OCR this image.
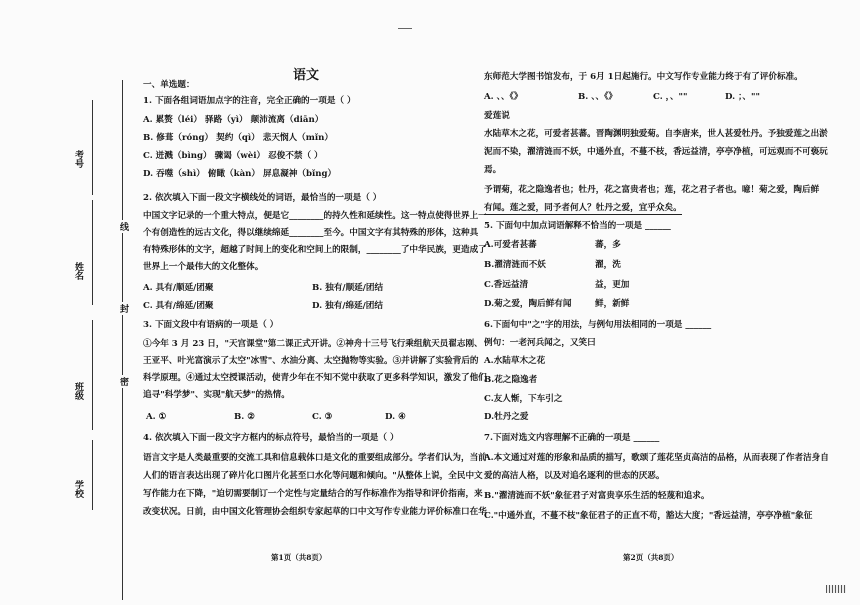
考号
姓名
班级
学校
线
封
密
语文
一、单选题：
1. 下面各组词语加点字的注音，完全正确的一项是（ ）
A. 累赘（léi） 驿路（yì） 颠沛流离（diān）
B. 修葺（róng） 契约（qì） 悲天悯人（mǐn）
C. 迸溅（bìng） 骤谒（wèi） 忍俊不禁（ ）
D. 吞噬（shì） 俯瞰（kàn） 屏息凝神（bǐng）
2. 依次填入下面一段文字横线处的词语，最恰当的一项是（ ）
中国文字记录的一个重大特点，便是它________的持久性和延续性。这一特点使得世界上一
个有创造性的远古文化，得以继续绵延________至今。中国文字有其特殊的形体，这种具
有特殊形体的文字，超越了时间上的变化和空间上的限制，________了中华民族，更造成了
世界上一个最伟大的文化整体。
A. 具有/顺延/团聚	B. 独有/顺延/团结
C. 具有/绵延/团聚	D. 独有/绵延/团结
3. 下面文段中有语病的一项是（ ）
①今年 3 月 23 日，"天宫课堂"第二课正式开讲。②神舟十三号飞行乘组航天员翟志刚、
王亚平、叶光富演示了太空"冰雪"、水油分离、太空抛物等实验。③并讲解了实验背后的
科学原理。④通过太空授课活动，使青少年在不知不觉中获取了更多科学知识，激发了他们
追寻"科学梦"、实现"航天梦"的热情。
A. ①	B. ②	C. ③	D. ④
4. 依次填入下面一段文字方框内的标点符号，最恰当的一项是（ ）
语言文字是人类最重要的交流工具和信息载体口是文化的重要组成部分。学者们认为，当前
人们的语言表达出现了碎片化口图片化甚至口水化等问题和倾向。"从整体上说，全民中文
写作能力在下降，"迫切需要制订一个定性与定量结合的写作标准作为指导和评价指南，来
改变状况。日前，由中国文化管理协会组织专家起草的口中文写作专业能力评价标准口在华
第1页（共8页）
东师范大学图书馆发布，于 6月 1日起施行。中文写作专业能力终于有了评价标准。
A. 、、《》	B. 、、《》	C. ，、""	D. ；、""
爱莲说
水陆草木之花，可爱者甚蕃。晋陶渊明独爱菊。自李唐来，世人甚爱牡丹。予独爱莲之出淤
泥而不染，濯清涟而不妖，中通外直，不蔓不枝，香远益清，亭亭净植，可远观而不可亵玩
焉。
予谓菊，花之隐逸者也；牡丹，花之富贵者也；莲，花之君子者也。噫！菊之爱，陶后鲜
有闻。莲之爱，同予者何人？牡丹之爱，宜乎众矣。
5. 下面句中加点词语解释不恰当的一项是 ______
A.可爱者甚蕃	蕃，多
B.濯清涟而不妖	濯，洗
C.香远益清	益，更加
D.菊之爱，陶后鲜有闻	鲜，新鲜
6.下面句中"之"字的用法，与例句用法相同的一项是 ______
例句：一老河兵闻之，又笑曰
A.水陆草木之花
B.花之隐逸者
C.友人惭，下车引之
D.牡丹之爱
7.下面对选文内容理解不正确的一项是 ______
A.本文通过对莲的形象和品质的描写，歌颂了莲花坚贞高洁的品格，从而表现了作者洁身自
爱的高洁人格，以及对追名逐利的世态的厌恶。
B."濯清涟而不妖"象征君子对富贵享乐生活的轻蔑和追求。
C."中通外直，不蔓不枝"象征君子的正直不苟，豁达大度；"香远益清，亭亭净植"象征
第2页（共8页）
